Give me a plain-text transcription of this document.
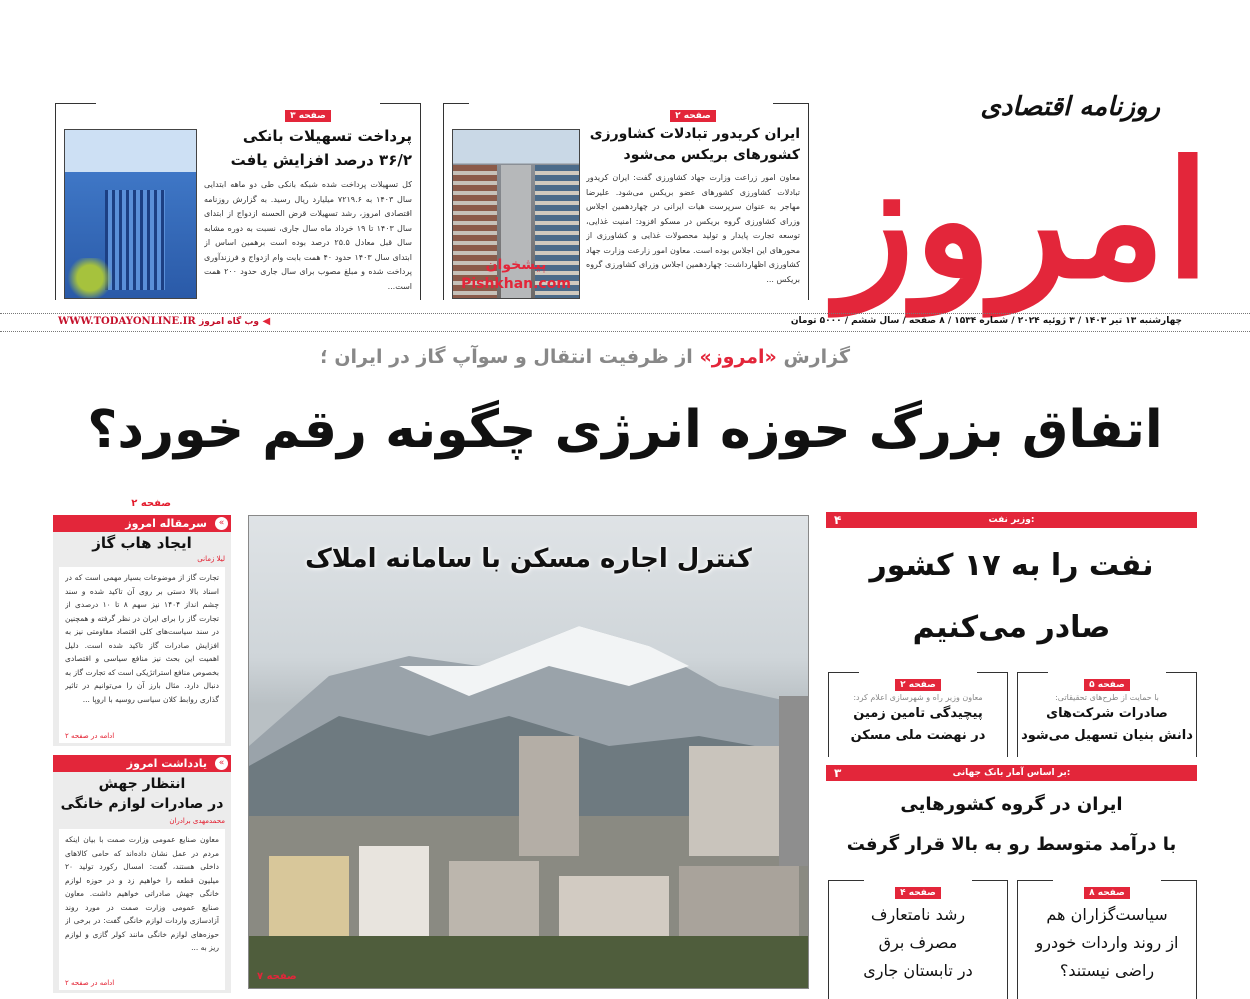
روزنامه اقتصادی
امروز
صفحه ۳
پرداخت تسهیلات بانکی
۳۶/۲ درصد افزایش یافت
کل تسهیلات پرداخت شده شبکه بانکی طی دو ماهه ابتدایی سال ۱۴۰۳ به ۷۲۱۹.۶ میلیارد ریال رسید. به گزارش روزنامه اقتصادی امروز، رشد تسهیلات قرض الحسنه ازدواج از ابتدای سال ۱۴۰۳ تا ۱۹ خرداد ماه سال جاری، نسبت به دوره مشابه سال قبل معادل ۲۵.۵ درصد بوده است برهمین اساس از ابتدای سال ۱۴۰۳ حدود ۴۰ همت بابت وام ازدواج و فرزندآوری پرداخت شده و مبلغ مصوب برای سال جاری حدود ۲۰۰ همت است...
پیشخوان Pishkhan.com
صفحه ۲
ایران کریدور تبادلات کشاورزی
کشورهای بریکس می‌شود
معاون امور زراعت وزارت جهاد کشاورزی گفت: ایران کریدور تبادلات کشاورزی کشورهای عضو بریکس می‌شود. علیرضا مهاجر به عنوان سرپرست هیات ایرانی در چهاردهمین اجلاس وزرای کشاورزی گروه بریکس در مسکو افزود: امنیت غذایی، توسعه تجارت پایدار و تولید محصولات غذایی و کشاورزی از محورهای این اجلاس بوده است. معاون امور زارعت وزارت جهاد کشاورزی اظهارداشت: چهاردهمین اجلاس وزرای کشاورزی گروه بریکس ...
چهارشنبه ۱۳ تیر ۱۴۰۳ / ۳ ژوئیه ۲۰۲۴ / شماره ۱۵۳۴ / ۸ صفحه / سال ششم / ۵۰۰۰ تومان
WWW.TODAYONLINE.IR وب گاه امروز ◀
گزارش «امروز» از ظرفیت انتقال و سوآپ گاز در ایران ؛
اتفاق بزرگ حوزه انرژی چگونه رقم خورد؟
صفحه ۲
سرمقاله امروز	«
ایجاد هاب گاز
لیلا زمانی
تجارت گاز از موضوعات بسیار مهمی است که در اسناد بالا دستی بر روی آن تاکید شده و سند چشم انداز ۱۴۰۴ نیز سهم ۸ تا ۱۰ درصدی از تجارت گاز را برای ایران در نظر گرفته و همچنین در سند سیاست‌های کلی اقتصاد مقاومتی نیز به افزایش صادرات گاز تاکید شده است. دلیل اهمیت این بحث نیز منافع سیاسی و اقتصادی بخصوص منافع استراتژیکی است که تجارت گاز به دنبال دارد. مثال بارز آن را می‌توانیم در تاثیر گذاری روابط کلان سیاسی روسیه با اروپا ...
ادامه در صفحه ۲
یادداشت امروز	«
انتظار جهش
در صادرات لوازم خانگی
محمدمهدی برادران
معاون صنایع عمومی وزارت صمت با بیان اینکه مردم در عمل نشان داده‌اند که حامی کالاهای داخلی هستند، گفت: امسال رکورد تولید ۲۰ میلیون قطعه را خواهیم زد و در حوزه لوازم خانگی جهش صادراتی خواهیم داشت. معاون صنایع عمومی وزارت صمت در مورد روند آزادسازی واردات لوازم خانگی گفت: در برخی از حوزه‌های لوازم خانگی مانند کولر گازی و لوازم ریز به ...
ادامه در صفحه ۲
کنترل اجاره مسکن با سامانه املاک
صفحه ۷
۴	وزیر نفت:
نفت را به ۱۷ کشور
صادر می‌کنیم
صفحه ۵
با حمایت از طرح‌های تحقیقاتی:
صادرات شرکت‌های
دانش بنیان تسهیل می‌شود
صفحه ۲
معاون وزیر راه و شهرسازی اعلام کرد:
پیچیدگی تامین زمین
در نهضت ملی مسکن
۳	بر اساس آمار بانک جهانی:
ایران در گروه کشورهایی
با درآمد متوسط رو به بالا قرار گرفت
صفحه ۸
سیاست‌گزاران هم
از روند واردات خودرو
راضی نیستند؟
صفحه ۴
رشد نامتعارف
مصرف برق
در تابستان جاری
